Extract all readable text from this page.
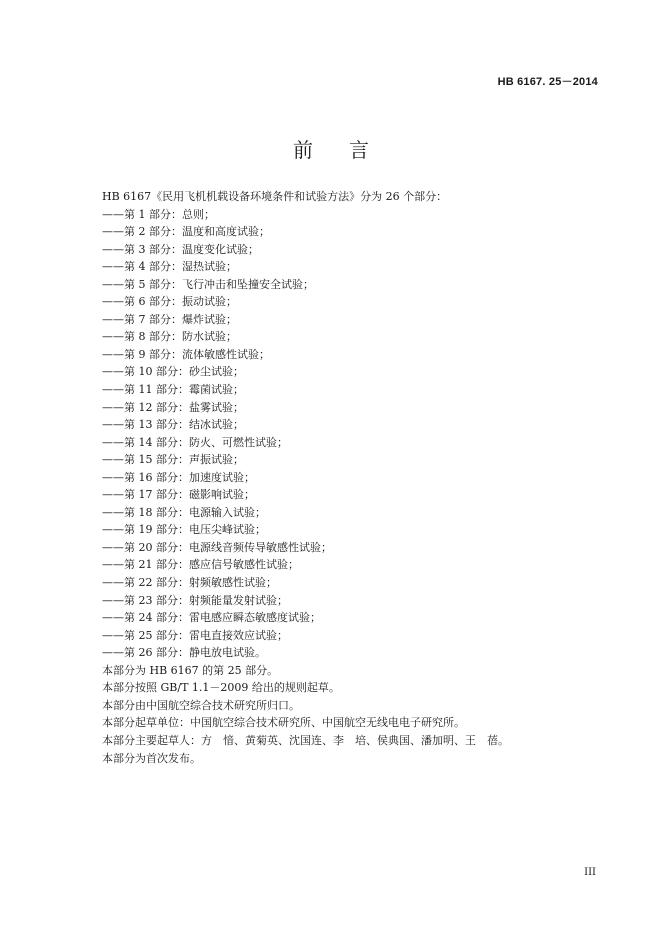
HB 6167. 25－2014
前言
HB 6167《民用飞机机载设备环境条件和试验方法》分为 26 个部分：
——第 1 部分：总则；
——第 2 部分：温度和高度试验；
——第 3 部分：温度变化试验；
——第 4 部分：湿热试验；
——第 5 部分：飞行冲击和坠撞安全试验；
——第 6 部分：振动试验；
——第 7 部分：爆炸试验；
——第 8 部分：防水试验；
——第 9 部分：流体敏感性试验；
——第 10 部分：砂尘试验；
——第 11 部分：霉菌试验；
——第 12 部分：盐雾试验；
——第 13 部分：结冰试验；
——第 14 部分：防火、可燃性试验；
——第 15 部分：声振试验；
——第 16 部分：加速度试验；
——第 17 部分：磁影响试验；
——第 18 部分：电源输入试验；
——第 19 部分：电压尖峰试验；
——第 20 部分：电源线音频传导敏感性试验；
——第 21 部分：感应信号敏感性试验；
——第 22 部分：射频敏感性试验；
——第 23 部分：射频能量发射试验；
——第 24 部分：雷电感应瞬态敏感度试验；
——第 25 部分：雷电直接效应试验；
——第 26 部分：静电放电试验。
本部分为 HB 6167 的第 25 部分。
本部分按照 GB/T 1.1－2009 给出的规则起草。
本部分由中国航空综合技术研究所归口。
本部分起草单位：中国航空综合技术研究所、中国航空无线电电子研究所。
本部分主要起草人：方　愔、黄菊英、沈国连、李　培、侯典国、潘加明、王　蓓。
本部分为首次发布。
III
